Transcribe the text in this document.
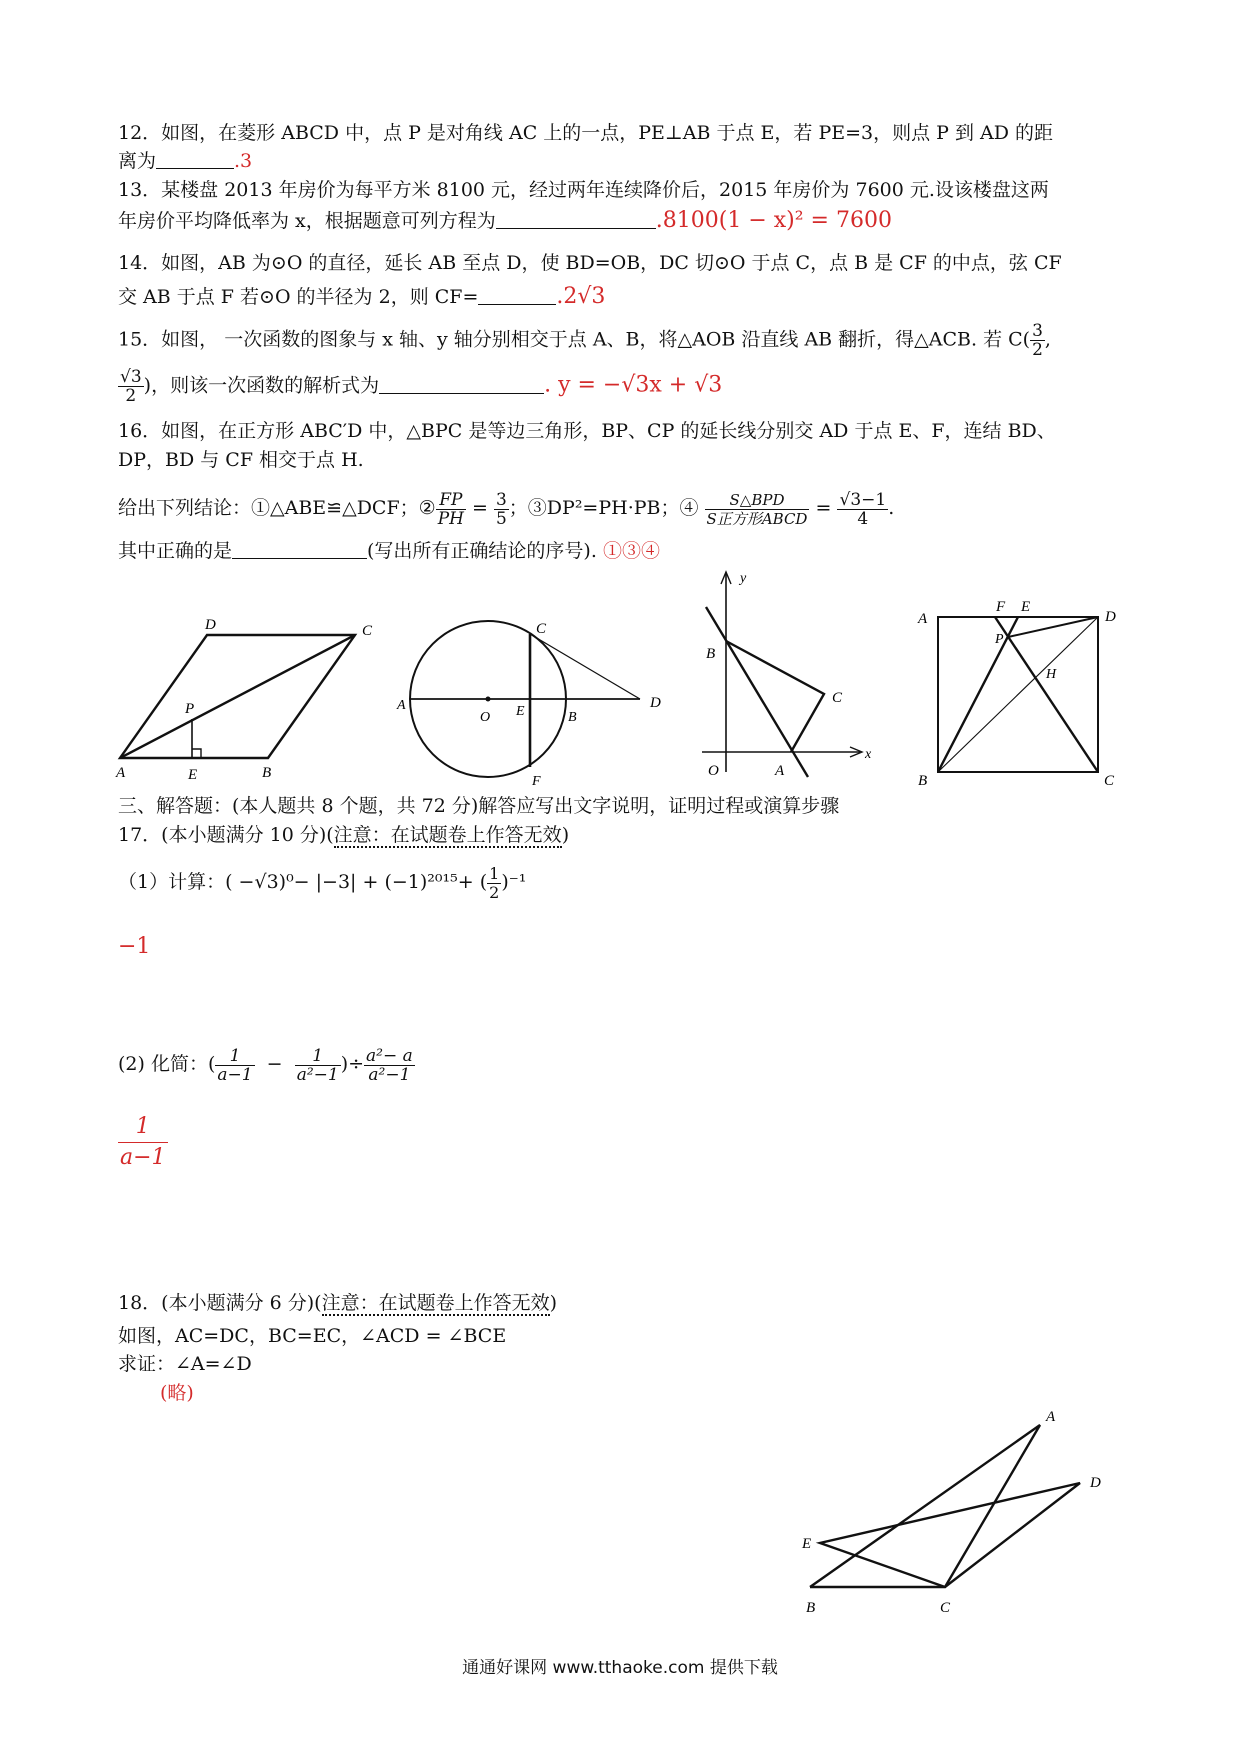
12．如图，在菱形 ABCD 中，点 P 是对角线 AC 上的一点，PE⊥AB 于点 E，若 PE=3，则点 P 到 AD 的距
离为	.3
13．某楼盘 2013 年房价为每平方米 8100 元，经过两年连续降价后，2015 年房价为 7600 元.设该楼盘这两
年房价平均降低率为 x，根据题意可列方程为	.8100(1 − x)² = 7600
14．如图，AB 为⊙O 的直径，延长 AB 至点 D，使 BD=OB，DC 切⊙O 于点 C，点 B 是 CF 的中点，弦 CF
交 AB 于点 F 若⊙O 的半径为 2，则 CF=	.2√3
15．如图， 一次函数的图象与 x 轴、y 轴分别相交于点 A、B，将△AOB 沿直线 AB 翻折，得△ACB. 若 $C( \frac{3}{2}$ ,
$\frac{√3}{2}$ )，则该一次函数的解析式为	. y = −√3x + √3
16．如图，在正方形 ABC′D 中，△BPC 是等边三角形，BP、CP 的延长线分别交 AD 于点 E、F，连结 BD、
DP，BD 与 CF 相交于点 H.
给出下列结论：①△ABE≌△DCF；② $\frac{FP}{PH} = \frac{3}{5}$ ；③DP²=PH·PB；④ $\frac{\text{S△BPD}}{\text{S正方形ABCD}} = \frac{√3-1}{4}$ .
其中正确的是	(写出所有正确结论的序号). ①③④
D	C
P
A	E	B
C
A
O E	B
D
F
y
B
C
O	A
x
F E
A	D
P
H
B	C
三、解答题：(本人题共 8 个题，共 72 分)解答应写出文字说明，证明过程或演算步骤
17．(本小题满分 10 分)(注意：在试题卷上作答无效)
（1）计算：( −√3)⁰− |−3| + (−1)²⁰¹⁵+ ( $\frac{1}{2} )^{-1}$
−1
(2) 化简：( $\frac{1}{a-1} - \frac{1}{\text{a²−1}}$ )÷ $\frac{\text{a²− a}}{\text{a²−1}}$
$\frac{1}{a-1}$
18．(本小题满分 6 分)(注意：在试题卷上作答无效)
如图，AC=DC，BC=EC，∠ACD = ∠BCE
求证：∠A=∠D
(略)
A
D
E
B	C
通通好课网 www.tthaoke.com 提供下载
